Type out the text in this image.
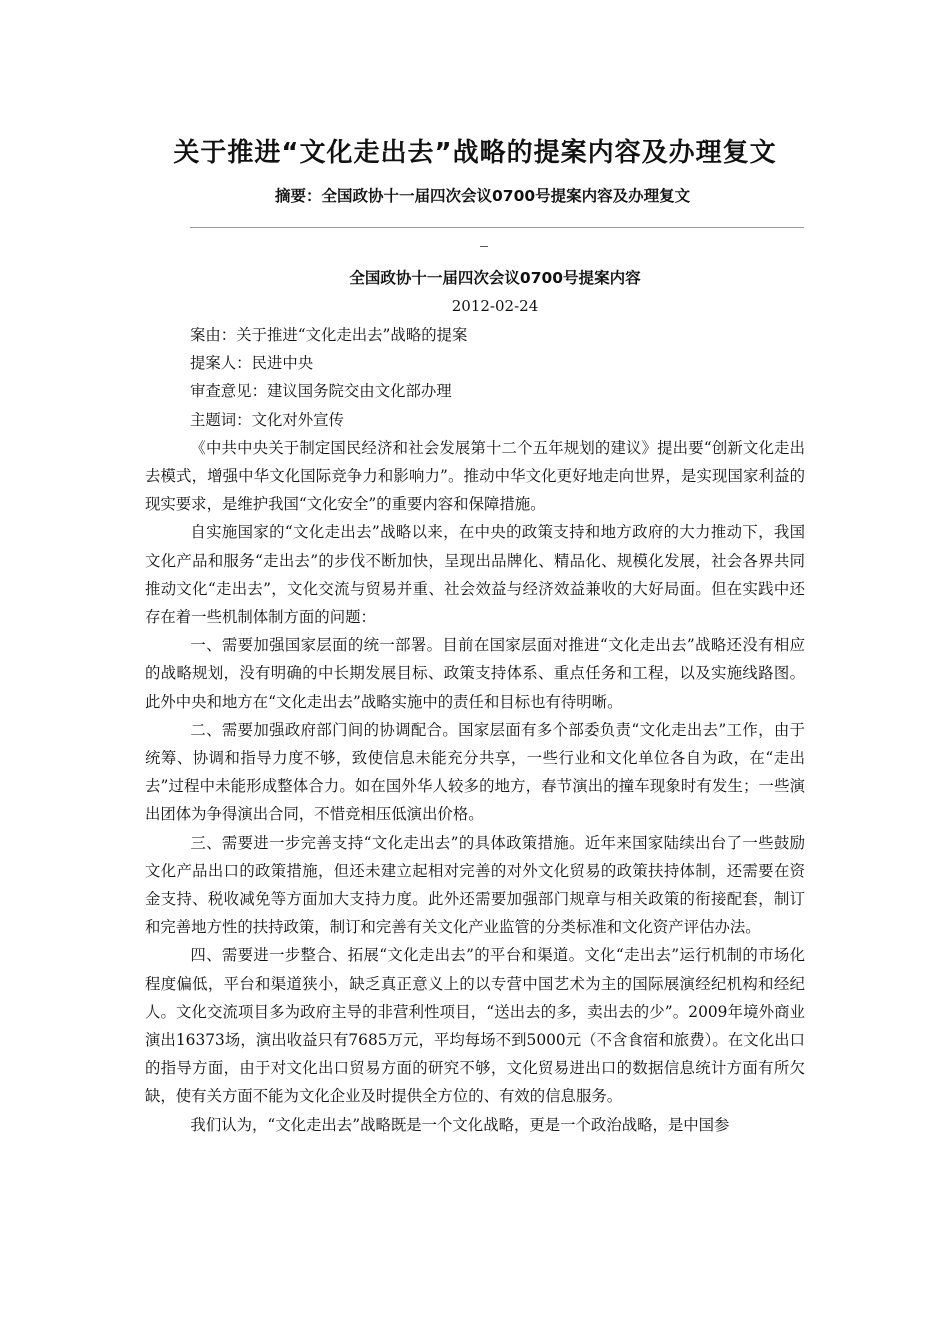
关于推进“文化走出去”战略的提案内容及办理复文

摘要：全国政协十一届四次会议0700号提案内容及办理复文

全国政协十一届四次会议0700号提案内容

2012-02-24

案由：关于推进“文化走出去”战略的提案

提案人：民进中央

审查意见：建议国务院交由文化部办理

主题词：文化对外宣传

《中共中央关于制定国民经济和社会发展第十二个五年规划的建议》提出要“创新文化走出去模式，增强中华文化国际竞争力和影响力”。推动中华文化更好地走向世界，是实现国家利益的现实要求，是维护我国“文化安全”的重要内容和保障措施。

自实施国家的“文化走出去”战略以来，在中央的政策支持和地方政府的大力推动下，我国文化产品和服务“走出去”的步伐不断加快，呈现出品牌化、精品化、规模化发展，社会各界共同推动文化“走出去”，文化交流与贸易并重、社会效益与经济效益兼收的大好局面。但在实践中还存在着一些机制体制方面的问题：

一、需要加强国家层面的统一部署。目前在国家层面对推进“文化走出去”战略还没有相应的战略规划，没有明确的中长期发展目标、政策支持体系、重点任务和工程，以及实施线路图。此外中央和地方在“文化走出去”战略实施中的责任和目标也有待明晰。

二、需要加强政府部门间的协调配合。国家层面有多个部委负责“文化走出去”工作，由于统筹、协调和指导力度不够，致使信息未能充分共享，一些行业和文化单位各自为政，在“走出去”过程中未能形成整体合力。如在国外华人较多的地方，春节演出的撞车现象时有发生；一些演出团体为争得演出合同，不惜竞相压低演出价格。

三、需要进一步完善支持“文化走出去”的具体政策措施。近年来国家陆续出台了一些鼓励文化产品出口的政策措施，但还未建立起相对完善的对外文化贸易的政策扶持体制，还需要在资金支持、税收减免等方面加大支持力度。此外还需要加强部门规章与相关政策的衔接配套，制订和完善地方性的扶持政策，制订和完善有关文化产业监管的分类标准和文化资产评估办法。

四、需要进一步整合、拓展“文化走出去”的平台和渠道。文化“走出去”运行机制的市场化程度偏低，平台和渠道狭小，缺乏真正意义上的以专营中国艺术为主的国际展演经纪机构和经纪人。文化交流项目多为政府主导的非营利性项目，“送出去的多，卖出去的少”。2009年境外商业演出16373场，演出收益只有7685万元，平均每场不到5000元（不含食宿和旅费）。在文化出口的指导方面，由于对文化出口贸易方面的研究不够，文化贸易进出口的数据信息统计方面有所欠缺，使有关方面不能为文化企业及时提供全方位的、有效的信息服务。

我们认为，“文化走出去”战略既是一个文化战略，更是一个政治战略，是中国参
